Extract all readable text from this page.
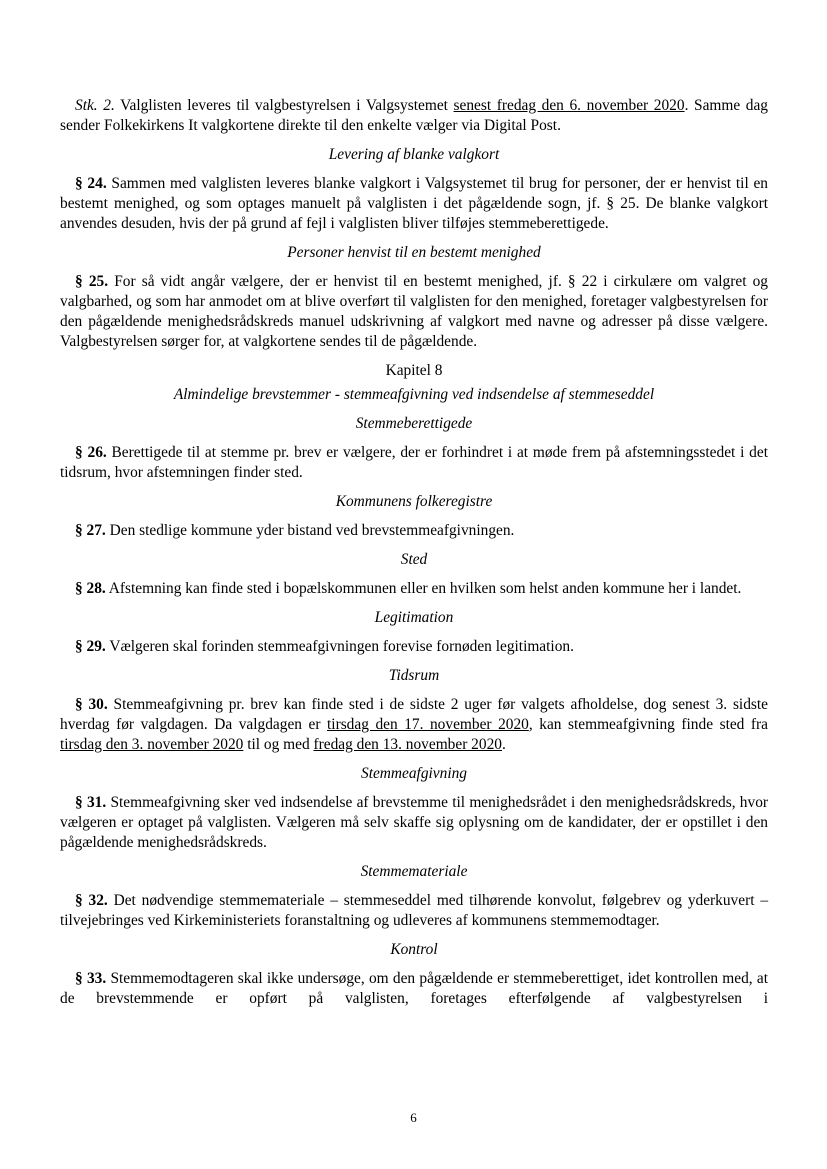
Stk. 2. Valglisten leveres til valgbestyrelsen i Valgsystemet senest fredag den 6. november 2020. Samme dag sender Folkekirkens It valgkortene direkte til den enkelte vælger via Digital Post.

Levering af blanke valgkort

§ 24. Sammen med valglisten leveres blanke valgkort i Valgsystemet til brug for personer, der er henvist til en bestemt menighed, og som optages manuelt på valglisten i det pågældende sogn, jf. § 25. De blanke valgkort anvendes desuden, hvis der på grund af fejl i valglisten bliver tilføjes stemmeberettigede.

Personer henvist til en bestemt menighed

§ 25. For så vidt angår vælgere, der er henvist til en bestemt menighed, jf. § 22 i cirkulære om valgret og valgbarhed, og som har anmodet om at blive overført til valglisten for den menighed, foretager valgbestyrelsen for den pågældende menighedsrådskreds manuel udskrivning af valgkort med navne og adresser på disse vælgere. Valgbestyrelsen sørger for, at valgkortene sendes til de pågældende.

Kapitel 8
Almindelige brevstemmer - stemmeafgivning ved indsendelse af stemmeseddel
Stemmeberettigede

§ 26. Berettigede til at stemme pr. brev er vælgere, der er forhindret i at møde frem på afstemningsstedet i det tidsrum, hvor afstemningen finder sted.

Kommunens folkeregistre

§ 27. Den stedlige kommune yder bistand ved brevstemmeafgivningen.

Sted

§ 28. Afstemning kan finde sted i bopælskommunen eller en hvilken som helst anden kommune her i landet.

Legitimation

§ 29. Vælgeren skal forinden stemmeafgivningen forevise fornøden legitimation.

Tidsrum

§ 30. Stemmeafgivning pr. brev kan finde sted i de sidste 2 uger før valgets afholdelse, dog senest 3. sidste hverdag før valgdagen. Da valgdagen er tirsdag den 17. november 2020, kan stemmeafgivning finde sted fra tirsdag den 3. november 2020 til og med fredag den 13. november 2020.

Stemmeafgivning

§ 31. Stemmeafgivning sker ved indsendelse af brevstemme til menighedsrådet i den menighedsrådskreds, hvor vælgeren er optaget på valglisten. Vælgeren må selv skaffe sig oplysning om de kandidater, der er opstillet i den pågældende menighedsrådskreds.

Stemmemateriale

§ 32. Det nødvendige stemmemateriale – stemmeseddel med tilhørende konvolut, følgebrev og yderkuvert – tilvejebringes ved Kirkeministeriets foranstaltning og udleveres af kommunens stemmemodtager.

Kontrol

§ 33. Stemmemodtageren skal ikke undersøge, om den pågældende er stemmeberettiget, idet kontrollen med, at de brevstemmende er opført på valglisten, foretages efterfølgende af valgbestyrelsen i

6
